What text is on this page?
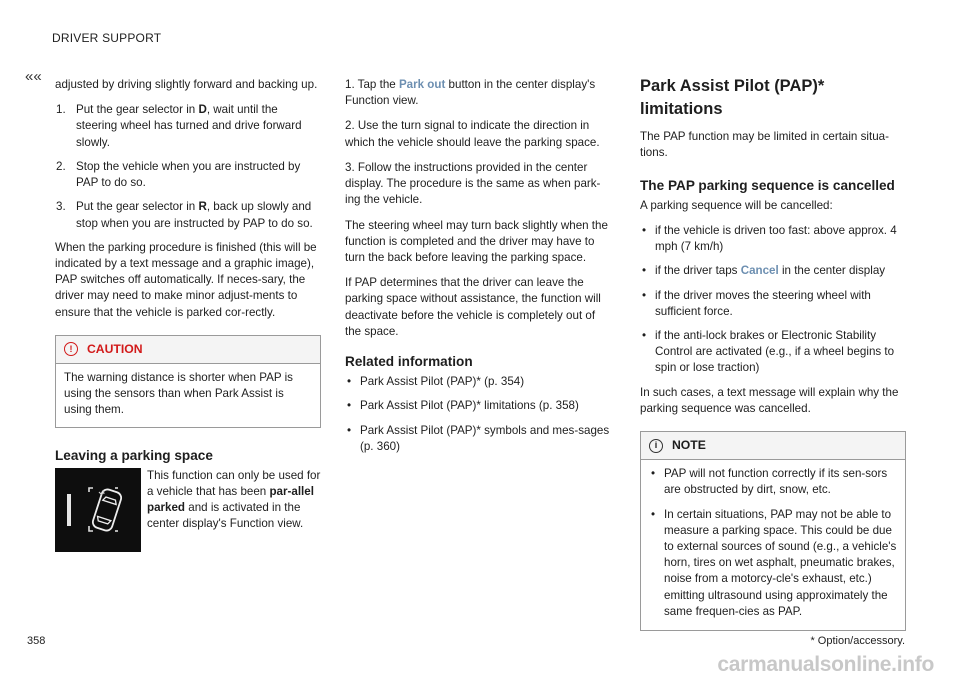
DRIVER SUPPORT
«« adjusted by driving slightly forward and backing up.

1. Put the gear selector in D, wait until the steering wheel has turned and drive forward slowly.
2. Stop the vehicle when you are instructed by PAP to do so.
3. Put the gear selector in R, back up slowly and stop when you are instructed by PAP to do so.

When the parking procedure is finished (this will be indicated by a text message and a graphic image), PAP switches off automatically. If neces-sary, the driver may need to make minor adjust-ments to ensure that the vehicle is parked cor-rectly.

!	CAUTION
The warning distance is shorter when PAP is using the sensors than when Park Assist is using them.
Leaving a parking space
This function can only be used for a vehicle that has been par-allel parked and is activated in the center display's Function view.

1. Tap the Park out button in the center display's Function view.

2. Use the turn signal to indicate the direction in which the vehicle should leave the parking space.

3. Follow the instructions provided in the center display. The procedure is the same as when park-ing the vehicle.

The steering wheel may turn back slightly when the function is completed and the driver may have to turn the back before leaving the parking space.

If PAP determines that the driver can leave the parking space without assistance, the function will deactivate before the vehicle is completely out of the space.

Related information
• Park Assist Pilot (PAP)* (p. 354)
• Park Assist Pilot (PAP)* limitations (p. 358)
• Park Assist Pilot (PAP)* symbols and mes-sages (p. 360)
Park Assist Pilot (PAP)* limitations

The PAP function may be limited in certain situa-tions.

The PAP parking sequence is cancelled

A parking sequence will be cancelled:

• if the vehicle is driven too fast: above approx. 4 mph (7 km/h)
• if the driver taps Cancel in the center display
• if the driver moves the steering wheel with sufficient force.
• if the anti-lock brakes or Electronic Stability Control are activated (e.g., if a wheel begins to spin or lose traction)

In such cases, a text message will explain why the parking sequence was cancelled.

i	NOTE
• PAP will not function correctly if its sen-sors are obstructed by dirt, snow, etc.
• In certain situations, PAP may not be able to measure a parking space. This could be due to external sources of sound (e.g., a vehicle's horn, tires on wet asphalt, pneumatic brakes, noise from a motorcy-cle's exhaust, etc.) emitting ultrasound using approximately the same frequen-cies as PAP.
358	* Option/accessory.
carmanualsonline.info
